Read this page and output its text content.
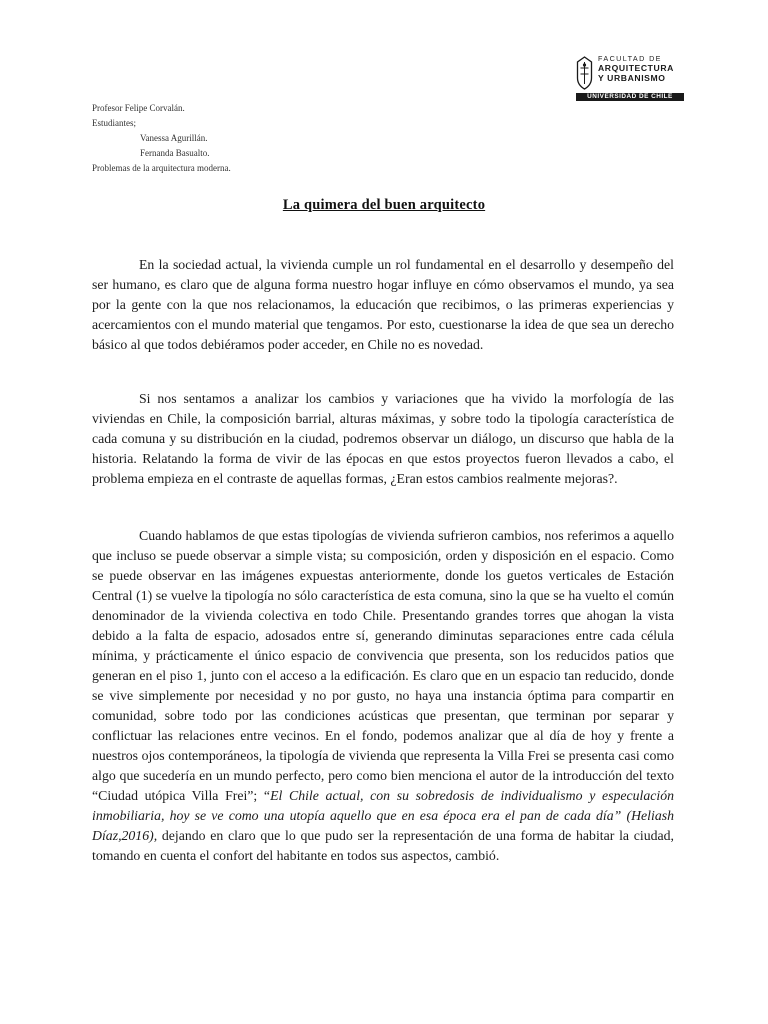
FACULTAD DE
ARQUITECTURA
Y URBANISMO
UNIVERSIDAD DE CHILE
Profesor Felipe Corvalán.
Estudiantes;
Vanessa Agurillán.
Fernanda Basualto.
Problemas de la arquitectura moderna.
La quimera del buen arquitecto

En la sociedad actual, la vivienda cumple un rol fundamental en el desarrollo y desempeño del ser humano, es claro que de alguna forma nuestro hogar influye en cómo observamos el mundo, ya sea por la gente con la que nos relacionamos, la educación que recibimos, o las primeras experiencias y acercamientos con el mundo material que tengamos. Por esto, cuestionarse la idea de que sea un derecho básico al que todos debiéramos poder acceder, en Chile no es novedad.

Si nos sentamos a analizar los cambios y variaciones que ha vivido la morfología de las viviendas en Chile, la composición barrial, alturas máximas, y sobre todo la tipología característica de cada comuna y su distribución en la ciudad, podremos observar un diálogo, un discurso que habla de la historia. Relatando la forma de vivir de las épocas en que estos proyectos fueron llevados a cabo, el problema empieza en el contraste de aquellas formas, ¿Eran estos cambios realmente mejoras?.

Cuando hablamos de que estas tipologías de vivienda sufrieron cambios, nos referimos a aquello que incluso se puede observar a simple vista; su composición, orden y disposición en el espacio. Como se puede observar en las imágenes expuestas anteriormente, donde los guetos verticales de Estación Central (1) se vuelve la tipología no sólo característica de esta comuna, sino la que se ha vuelto el común denominador de la vivienda colectiva en todo Chile. Presentando grandes torres que ahogan la vista debido a la falta de espacio, adosados entre sí, generando diminutas separaciones entre cada célula mínima, y prácticamente el único espacio de convivencia que presenta, son los reducidos patios que generan en el piso 1, junto con el acceso a la edificación. Es claro que en un espacio tan reducido, donde se vive simplemente por necesidad y no por gusto, no haya una instancia óptima para compartir en comunidad, sobre todo por las condiciones acústicas que presentan, que terminan por separar y conflictuar las relaciones entre vecinos. En el fondo, podemos analizar que al día de hoy y frente a nuestros ojos contemporáneos, la tipología de vivienda que representa la Villa Frei se presenta casi como algo que sucedería en un mundo perfecto, pero como bien menciona el autor de la introducción del texto “Ciudad utópica Villa Frei”; “El Chile actual, con su sobredosis de individualismo y especulación inmobiliaria, hoy se ve como una utopía aquello que en esa época era el pan de cada día” (Heliash Díaz,2016), dejando en claro que lo que pudo ser la representación de una forma de habitar la ciudad, tomando en cuenta el confort del habitante en todos sus aspectos, cambió.
